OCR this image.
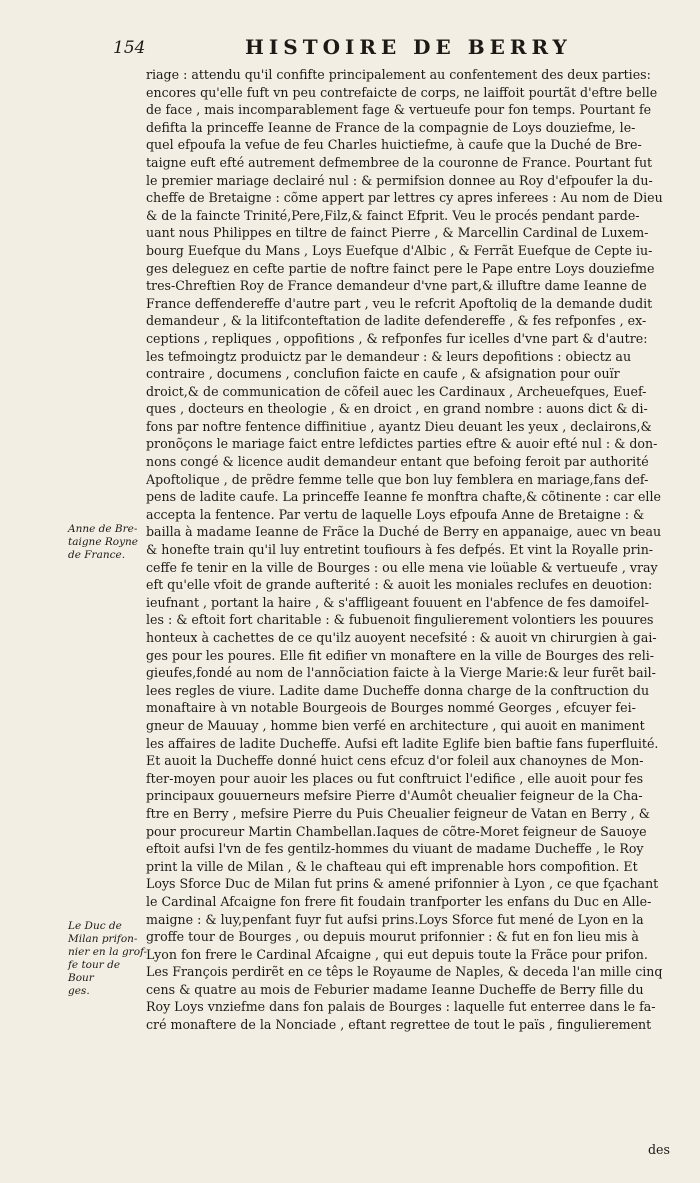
154	HISTOIRE DE BERRY
riage : attendu qu'il confifte principalement au confentement des deux parties:
encores qu'elle fuft vn peu contrefaicte de corps, ne laiffoit pourtãt d'eftre belle
de face , mais incomparablement fage & vertueufe pour fon temps. Pourtant fe
defifta la princeffe Ieanne de France de la compagnie de Loys douziefme, le-
quel efpoufa la vefue de feu Charles huictiefme, à caufe que la Duché de Bre-
taigne euft efté autrement defmembree de la couronne de France. Pourtant fut
le premier mariage declairé nul : & permifsion donnee au Roy d'efpoufer la du-
cheffe de Bretaigne : cõme appert par lettres cy apres inferees : Au nom de Dieu
& de la faincte Trinité,Pere,Filz,& fainct Efprit. Veu le procés pendant parde-
uant nous Philippes en tiltre de fainct Pierre , & Marcellin Cardinal de Luxem-
bourg Euefque du Mans , Loys Euefque d'Albic , & Ferrãt Euefque de Cepte iu-
ges deleguez en cefte partie de noftre fainct pere le Pape entre Loys douziefme
tres-Chreftien Roy de France demandeur d'vne part,& illuftre dame Ieanne de
France deffendereffe d'autre part , veu le refcrit Apoftoliq de la demande dudit
demandeur , & la litifconteftation de ladite defendereffe , & fes refponfes , ex-
ceptions , repliques , oppofitions , & refponfes fur icelles d'vne part & d'autre:
les tefmoingtz produictz par le demandeur : & leurs depofitions : obiectz au
contraire , documens , conclufion faicte en caufe , & afsignation pour ouïr
droict,& de communication de cõfeil auec les Cardinaux , Archeuefques, Euef-
ques , docteurs en theologie , & en droict , en grand nombre : auons dict & di-
fons par noftre fentence diffinitiue , ayantz Dieu deuant les yeux , declairons,&
pronõçons le mariage faict entre lefdictes parties eftre & auoir efté nul : & don-
nons congé & licence audit demandeur entant que befoing feroit par authorité
Apoftolique , de prẽdre femme telle que bon luy femblera en mariage,fans def-
pens de ladite caufe. La princeffe Ieanne fe monftra chafte,& cõtinente : car elle
accepta la fentence. Par vertu de laquelle Loys efpoufa Anne de Bretaigne : &
bailla à madame Ieanne de Frãce la Duché de Berry en appanaige, auec vn beau
& honefte train qu'il luy entretint toufiours à fes defpés. Et vint la Royalle prin-
ceffe fe tenir en la ville de Bourges : ou elle mena vie loüable & vertueufe , vray
eft qu'elle vfoit de grande aufterité : & auoit les moniales reclufes en deuotion:
ieufnant , portant la haire , & s'affligeant fouuent en l'abfence de fes damoifel-
les : & eftoit fort charitable : & fubuenoit fingulierement volontiers les pouures
honteux à cachettes de ce qu'ilz auoyent necefsité : & auoit vn chirurgien à gai-
ges pour les poures. Elle fit edifier vn monaftere en la ville de Bourges des reli-
gieufes,fondé au nom de l'annõciation faicte à la Vierge Marie:& leur furẽt bail-
lees regles de viure. Ladite dame Ducheffe donna charge de la conftruction du
monaftaire à vn notable Bourgeois de Bourges nommé Georges , efcuyer fei-
gneur de Mauuay , homme bien verfé en architecture , qui auoit en maniment
les affaires de ladite Ducheffe. Aufsi eft ladite Eglife bien baftie fans fuperfluité.
Et auoit la Ducheffe donné huict cens efcuz d'or foleil aux chanoynes de Mon-
fter-moyen pour auoir les places ou fut conftruict l'edifice , elle auoit pour fes
principaux gouuerneurs mefsire Pierre d'Aumôt cheualier feigneur de la Cha-
ftre en Berry , mefsire Pierre du Puis Cheualier feigneur de Vatan en Berry , &
pour procureur Martin Chambellan.Iaques de cõtre-Moret feigneur de Sauoye
eftoit aufsi l'vn de fes gentilz-hommes du viuant de madame Ducheffe , le Roy
print la ville de Milan , & le chafteau qui eft imprenable hors compofition. Et
Loys Sforce Duc de Milan fut prins & amené prifonnier à Lyon , ce que fçachant
le Cardinal Afcaigne fon frere fit foudain tranfporter les enfans du Duc en Alle-
maigne : & luy,penfant fuyr fut aufsi prins.Loys Sforce fut mené de Lyon en la
groffe tour de Bourges , ou depuis mourut prifonnier : & fut en fon lieu mis à
Lyon fon frere le Cardinal Afcaigne , qui eut depuis toute la Frãce pour prifon.
Les François perdirẽt en ce têps le Royaume de Naples, & deceda l'an mille cinq
cens & quatre au mois de Feburier madame Ieanne Ducheffe de Berry fille du
Roy Loys vnziefme dans fon palais de Bourges : laquelle fut enterree dans le fa-
cré monaftere de la Nonciade , eftant regrettee de tout le païs , fingulierement
Anne de Bre-
taigne Royne
de France.
Le Duc de
Milan prifon-
nier en la grof-
fe tour de Bour
ges.
des
